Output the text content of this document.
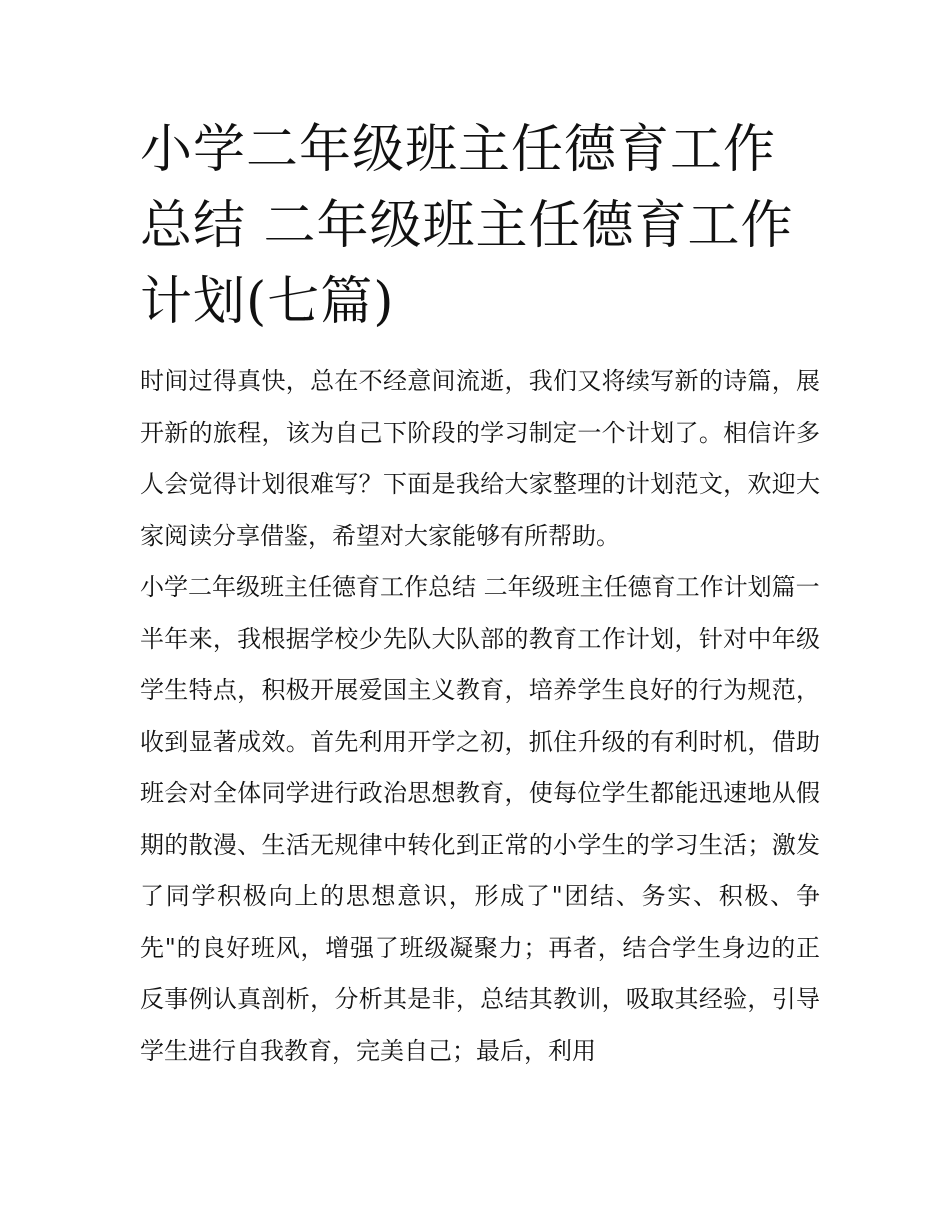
小学二年级班主任德育工作总结 二年级班主任德育工作计划(七篇)

时间过得真快，总在不经意间流逝，我们又将续写新的诗篇，展开新的旅程，该为自己下阶段的学习制定一个计划了。相信许多人会觉得计划很难写？下面是我给大家整理的计划范文，欢迎大家阅读分享借鉴，希望对大家能够有所帮助。

小学二年级班主任德育工作总结 二年级班主任德育工作计划篇一

半年来，我根据学校少先队大队部的教育工作计划，针对中年级学生特点，积极开展爱国主义教育，培养学生良好的行为规范，收到显著成效。首先利用开学之初，抓住升级的有利时机，借助班会对全体同学进行政治思想教育，使每位学生都能迅速地从假期的散漫、生活无规律中转化到正常的小学生的学习生活；激发了同学积极向上的思想意识，形成了"团结、务实、积极、争先"的良好班风，增强了班级凝聚力；再者，结合学生身边的正反事例认真剖析，分析其是非，总结其教训，吸取其经验，引导学生进行自我教育，完美自己；最后，利用
